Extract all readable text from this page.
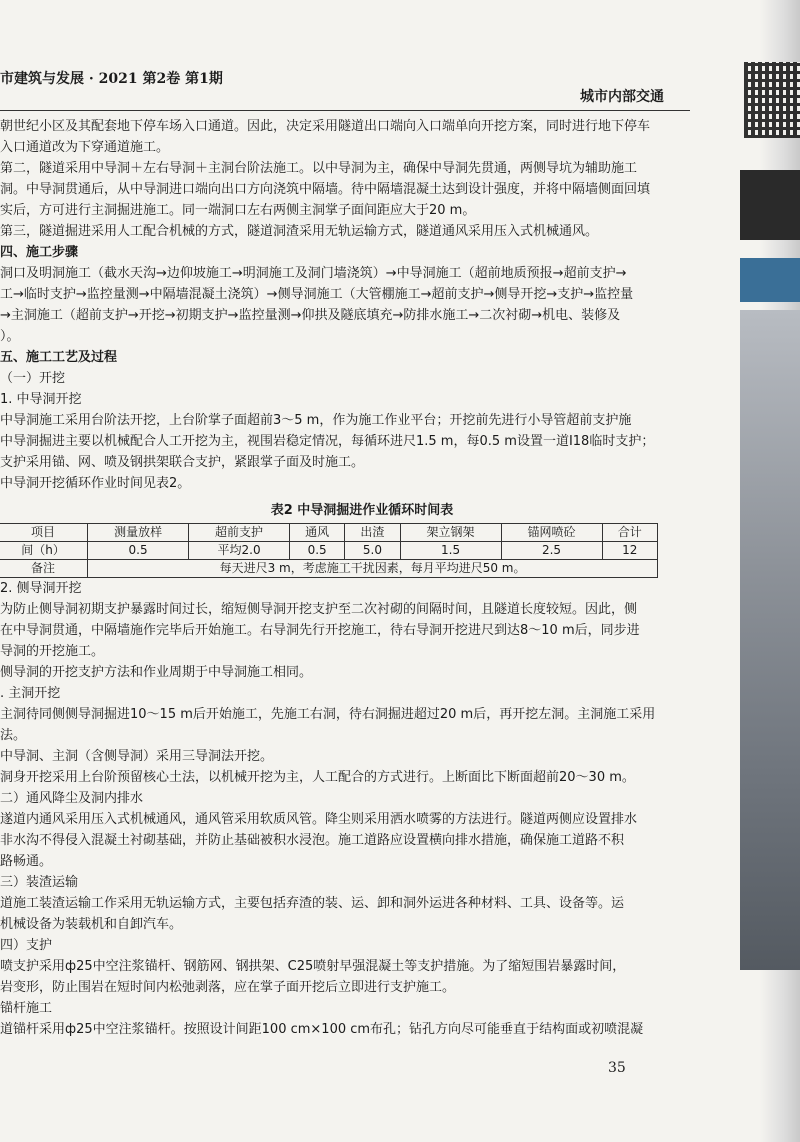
市建筑与发展 · 2021 第2卷 第1期
城市内部交通
朝世纪小区及其配套地下停车场入口通道。因此，决定采用隧道出口端向入口端单向开挖方案，同时进行地下停车
入口通道改为下穿通道施工。
第二，隧道采用中导洞＋左右导洞＋主洞台阶法施工。以中导洞为主，确保中导洞先贯通，两侧导坑为辅助施工
洞。中导洞贯通后，从中导洞进口端向出口方向浇筑中隔墙。待中隔墙混凝土达到设计强度，并将中隔墙侧面回填
实后，方可进行主洞掘进施工。同一端洞口左右两侧主洞掌子面间距应大于20 m。
第三，隧道掘进采用人工配合机械的方式，隧道洞渣采用无轨运输方式，隧道通风采用压入式机械通风。
四、施工步骤
洞口及明洞施工（截水天沟→边仰坡施工→明洞施工及洞门墙浇筑）→中导洞施工（超前地质预报→超前支护→
工→临时支护→监控量测→中隔墙混凝土浇筑）→侧导洞施工（大管棚施工→超前支护→侧导开挖→支护→监控量
→主洞施工（超前支护→开挖→初期支护→监控量测→仰拱及隧底填充→防排水施工→二次衬砌→机电、装修及
）。
五、施工工艺及过程
（一）开挖
1. 中导洞开挖
中导洞施工采用台阶法开挖，上台阶掌子面超前3～5 m，作为施工作业平台；开挖前先进行小导管超前支护施
中导洞掘进主要以机械配合人工开挖为主，视围岩稳定情况，每循环进尺1.5 m，每0.5 m设置一道I18临时支护；
支护采用锚、网、喷及钢拱架联合支护，紧跟掌子面及时施工。
中导洞开挖循环作业时间见表2。
表2 中导洞掘进作业循环时间表
项目	测量放样	超前支护	通风	出渣	架立钢架	锚网喷砼	合计
间（h）	0.5	平均2.0	0.5	5.0	1.5	2.5	12
备注	每天进尺3 m，考虑施工干扰因素，每月平均进尺50 m。						
2. 侧导洞开挖
为防止侧导洞初期支护暴露时间过长，缩短侧导洞开挖支护至二次衬砌的间隔时间，且隧道长度较短。因此，侧
在中导洞贯通，中隔墙施作完毕后开始施工。右导洞先行开挖施工，待右导洞开挖进尺到达8～10 m后，同步进
导洞的开挖施工。
侧导洞的开挖支护方法和作业周期于中导洞施工相同。
. 主洞开挖
主洞待同侧侧导洞掘进10～15 m后开始施工，先施工右洞，待右洞掘进超过20 m后，再开挖左洞。主洞施工采用
法。
中导洞、主洞（含侧导洞）采用三导洞法开挖。
洞身开挖采用上台阶预留核心土法，以机械开挖为主，人工配合的方式进行。上断面比下断面超前20～30 m。
二）通风降尘及洞内排水
遂道内通风采用压入式机械通风，通风管采用软质风管。降尘则采用洒水喷雾的方法进行。隧道两侧应设置排水
非水沟不得侵入混凝土衬砌基础，并防止基础被积水浸泡。施工道路应设置横向排水措施，确保施工道路不积
路畅通。
三）装渣运输
道施工装渣运输工作采用无轨运输方式，主要包括弃渣的装、运、卸和洞外运进各种材料、工具、设备等。运
机械设备为装载机和自卸汽车。
四）支护
喷支护采用ф25中空注浆锚杆、钢筋网、钢拱架、C25喷射早强混凝土等支护措施。为了缩短围岩暴露时间，
岩变形，防止围岩在短时间内松弛剥落，应在掌子面开挖后立即进行支护施工。
锚杆施工
道锚杆采用ф25中空注浆锚杆。按照设计间距100 cm×100 cm布孔；钻孔方向尽可能垂直于结构面或初喷混凝
35
